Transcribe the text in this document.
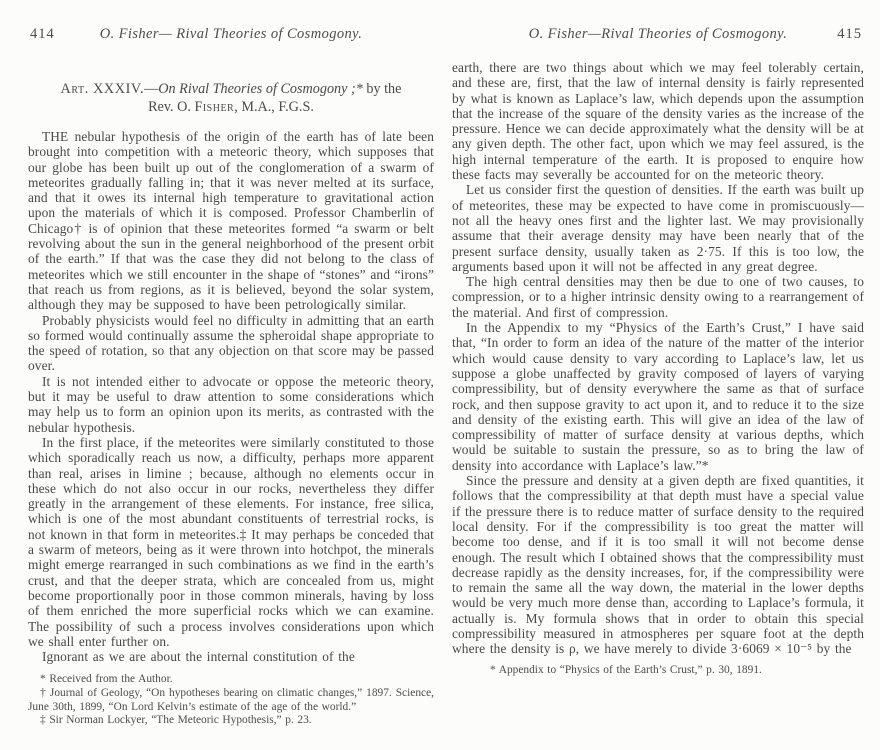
414	O. Fisher— Rival Theories of Cosmogony.
Art. XXXIV.—On Rival Theories of Cosmogony ;* by the
Rev. O. Fisher, M.A., F.G.S.

THE nebular hypothesis of the origin of the earth has of late been brought into competition with a meteoric theory, which supposes that our globe has been built up out of the conglomeration of a swarm of meteorites gradually falling in; that it was never melted at its surface, and that it owes its internal high temperature to gravitational action upon the materials of which it is composed. Professor Chamberlin of Chicago† is of opinion that these meteorites formed “a swarm or belt revolving about the sun in the general neighborhood of the present orbit of the earth.” If that was the case they did not belong to the class of meteorites which we still encounter in the shape of “stones” and “irons” that reach us from regions, as it is believed, beyond the solar system, although they may be supposed to have been petrologically similar.

Probably physicists would feel no difficulty in admitting that an earth so formed would continually assume the spheroidal shape appropriate to the speed of rotation, so that any objection on that score may be passed over.

It is not intended either to advocate or oppose the meteoric theory, but it may be useful to draw attention to some considerations which may help us to form an opinion upon its merits, as contrasted with the nebular hypothesis.

In the first place, if the meteorites were similarly constituted to those which sporadically reach us now, a difficulty, perhaps more apparent than real, arises in limine ; because, although no elements occur in these which do not also occur in our rocks, nevertheless they differ greatly in the arrangement of these elements. For instance, free silica, which is one of the most abundant constituents of terrestrial rocks, is not known in that form in meteorites.‡ It may perhaps be conceded that a swarm of meteors, being as it were thrown into hotchpot, the minerals might emerge rearranged in such combinations as we find in the earth’s crust, and that the deeper strata, which are concealed from us, might become proportionally poor in those common minerals, having by loss of them enriched the more superficial rocks which we can examine. The possibility of such a process involves considerations upon which we shall enter further on.

Ignorant as we are about the internal constitution of the

* Received from the Author.

† Journal of Geology, “On hypotheses bearing on climatic changes,” 1897. Science, June 30th, 1899, “On Lord Kelvin’s estimate of the age of the world.”

‡ Sir Norman Lockyer, “The Meteoric Hypothesis,” p. 23.

O. Fisher—Rival Theories of Cosmogony.	415

earth, there are two things about which we may feel tolerably certain, and these are, first, that the law of internal density is fairly represented by what is known as Laplace’s law, which depends upon the assumption that the increase of the square of the density varies as the increase of the pressure. Hence we can decide approximately what the density will be at any given depth. The other fact, upon which we may feel assured, is the high internal temperature of the earth. It is proposed to enquire how these facts may severally be accounted for on the meteoric theory.

Let us consider first the question of densities. If the earth was built up of meteorites, these may be expected to have come in promiscuously—not all the heavy ones first and the lighter last. We may provisionally assume that their average density may have been nearly that of the present surface density, usually taken as 2·75. If this is too low, the arguments based upon it will not be affected in any great degree.

The high central densities may then be due to one of two causes, to compression, or to a higher intrinsic density owing to a rearrangement of the material. And first of compression.

In the Appendix to my “Physics of the Earth’s Crust,” I have said that, “In order to form an idea of the nature of the matter of the interior which would cause density to vary according to Laplace’s law, let us suppose a globe unaffected by gravity composed of layers of varying compressibility, but of density everywhere the same as that of surface rock, and then suppose gravity to act upon it, and to reduce it to the size and density of the existing earth. This will give an idea of the law of compressibility of matter of surface density at various depths, which would be suitable to sustain the pressure, so as to bring the law of density into accordance with Laplace’s law.”*

Since the pressure and density at a given depth are fixed quantities, it follows that the compressibility at that depth must have a special value if the pressure there is to reduce matter of surface density to the required local density. For if the compressibility is too great the matter will become too dense, and if it is too small it will not become dense enough. The result which I obtained shows that the compressibility must decrease rapidly as the density increases, for, if the compressibility were to remain the same all the way down, the material in the lower depths would be very much more dense than, according to Laplace’s formula, it actually is. My formula shows that in order to obtain this special compressibility measured in atmospheres per square foot at the depth where the density is ρ, we have merely to divide 3·6069 × 10⁻⁵ by the

* Appendix to “Physics of the Earth’s Crust,” p. 30, 1891.
